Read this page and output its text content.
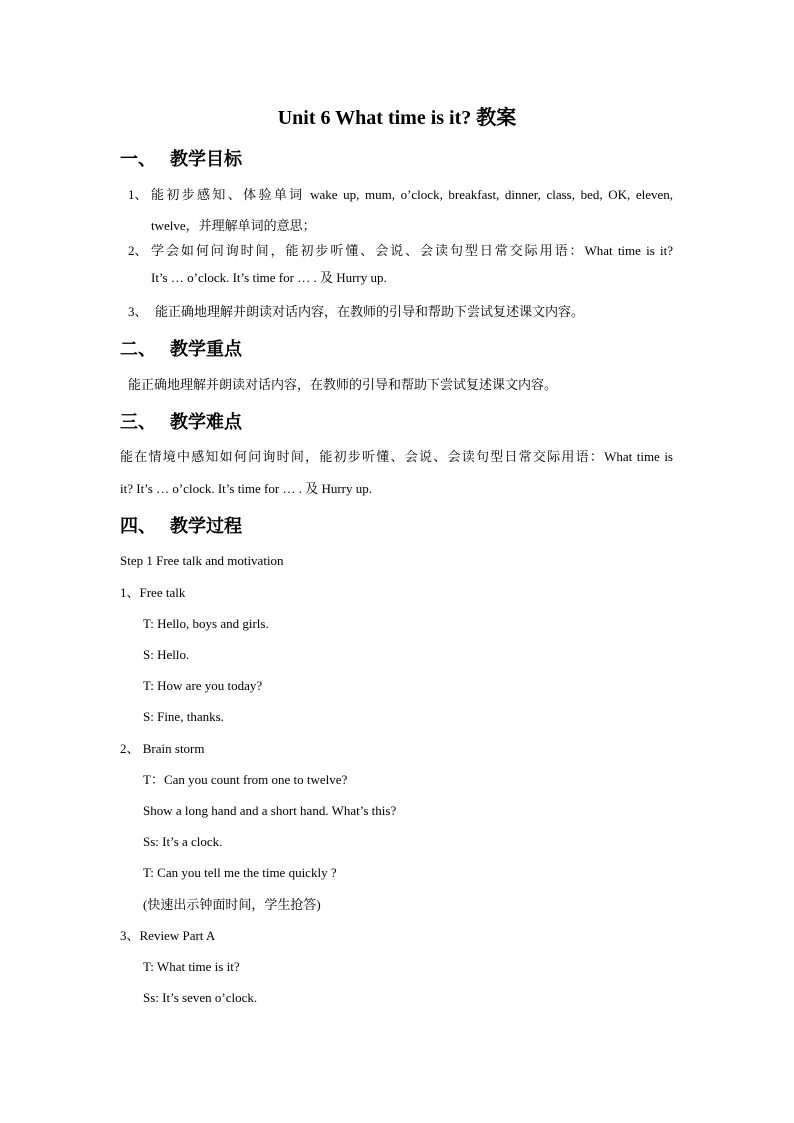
Unit 6 What time is it? 教案
一、 教学目标
1、 能初步感知、体验单词 wake up, mum, o’clock, breakfast, dinner, class, bed, OK, eleven,
twelve，并理解单词的意思；
2、 学会如何问询时间，能初步听懂、会说、会读句型日常交际用语：What time is it?
It’s … o’clock. It’s time for … . 及 Hurry up.
3、 能正确地理解并朗读对话内容，在教师的引导和帮助下尝试复述课文内容。
二、 教学重点
能正确地理解并朗读对话内容，在教师的引导和帮助下尝试复述课文内容。
三、 教学难点
能在情境中感知如何问询时间，能初步听懂、会说、会读句型日常交际用语：What time is
it? It’s … o’clock. It’s time for … . 及 Hurry up.
四、 教学过程
Step 1 Free talk and motivation
1、Free talk
T: Hello, boys and girls.
S: Hello.
T: How are you today?
S: Fine, thanks.
2、 Brain storm
T：Can you count from one to twelve?
Show a long hand and a short hand. What’s this?
Ss: It’s a clock.
T: Can you tell me the time quickly ?
(快速出示钟面时间，学生抢答)
3、Review Part A
T: What time is it?
Ss: It’s seven o’clock.
